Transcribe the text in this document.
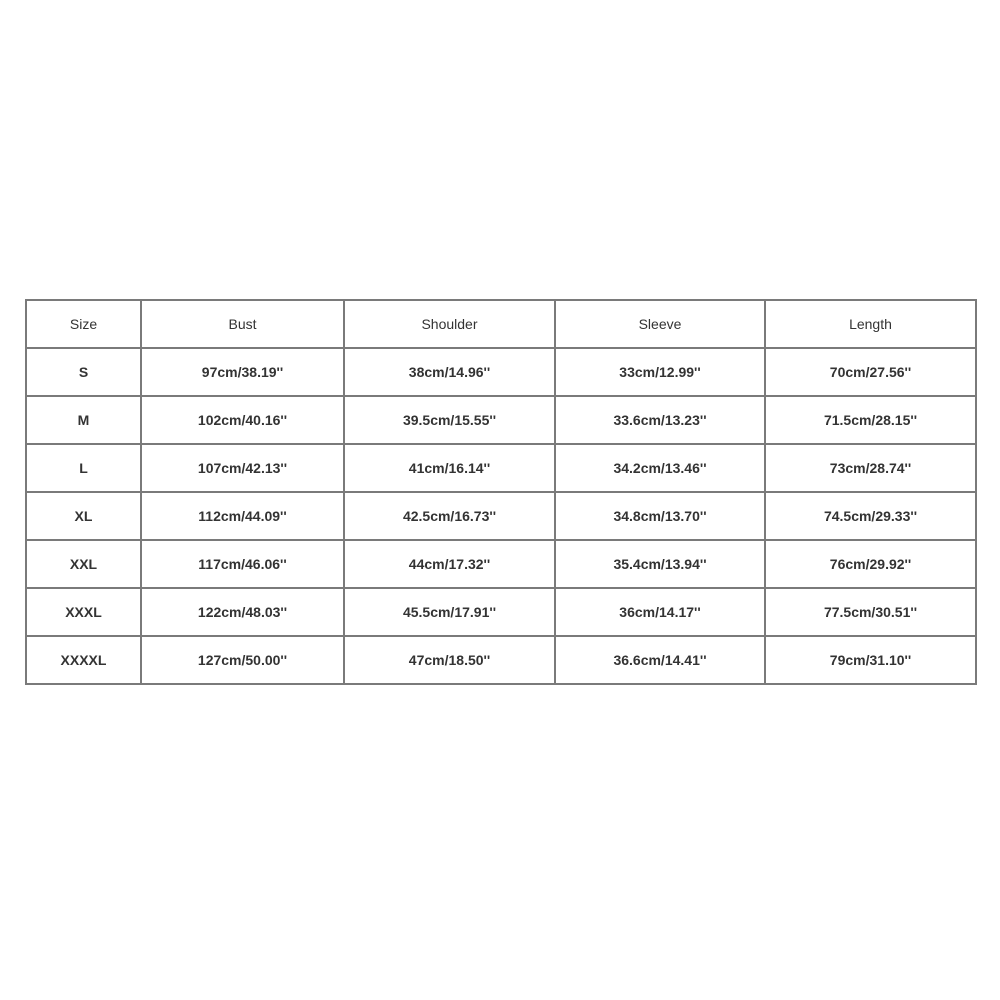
Size	Bust	Shoulder	Sleeve	Length
S	97cm/38.19''	38cm/14.96''	33cm/12.99''	70cm/27.56''
M	102cm/40.16''	39.5cm/15.55''	33.6cm/13.23''	71.5cm/28.15''
L	107cm/42.13''	41cm/16.14''	34.2cm/13.46''	73cm/28.74''
XL	112cm/44.09''	42.5cm/16.73''	34.8cm/13.70''	74.5cm/29.33''
XXL	117cm/46.06''	44cm/17.32''	35.4cm/13.94''	76cm/29.92''
XXXL	122cm/48.03''	45.5cm/17.91''	36cm/14.17''	77.5cm/30.51''
XXXXL	127cm/50.00''	47cm/18.50''	36.6cm/14.41''	79cm/31.10''
